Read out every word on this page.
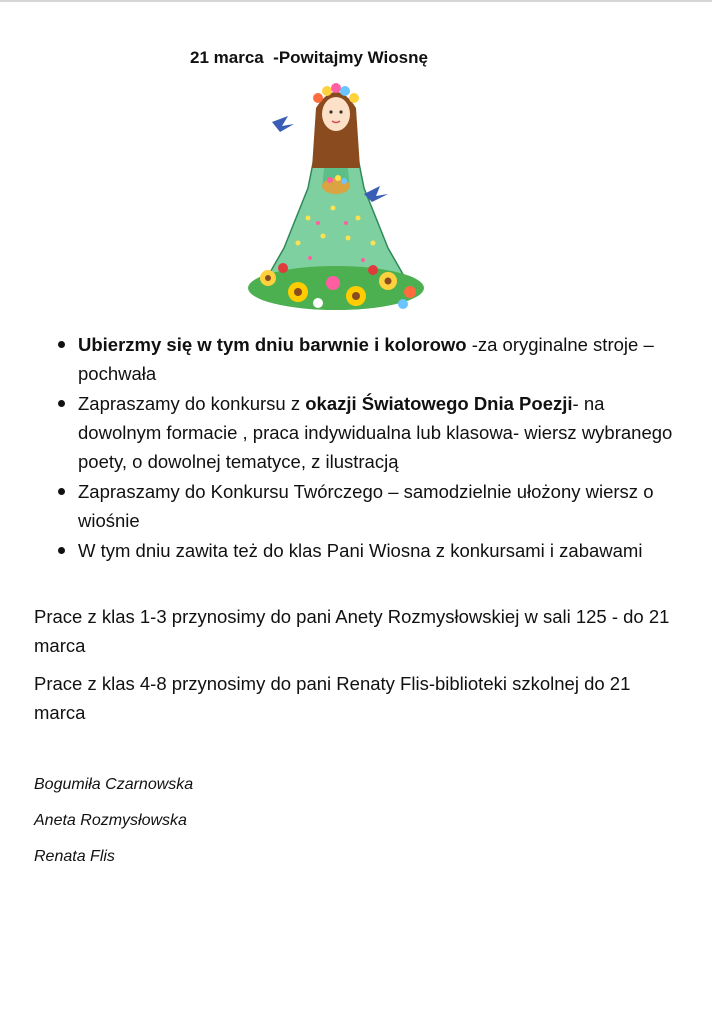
21 marca  -Powitajmy Wiosnę
Ubierzmy się w tym dniu barwnie i kolorowo -za oryginalne stroje – pochwała
Zapraszamy do konkursu z okazji Światowego Dnia Poezji- na dowolnym formacie , praca indywidualna lub klasowa- wiersz wybranego poety, o dowolnej tematyce, z ilustracją
Zapraszamy do Konkursu Twórczego – samodzielnie ułożony wiersz o wiośnie
W tym dniu zawita też do klas Pani Wiosna z konkursami i zabawami

Prace z klas 1-3 przynosimy do pani Anety Rozmysłowskiej w sali 125 - do 21 marca

Prace z klas 4-8 przynosimy do pani Renaty Flis-biblioteki szkolnej do 21 marca

Bogumiła Czarnowska

Aneta Rozmysłowska

Renata Flis
